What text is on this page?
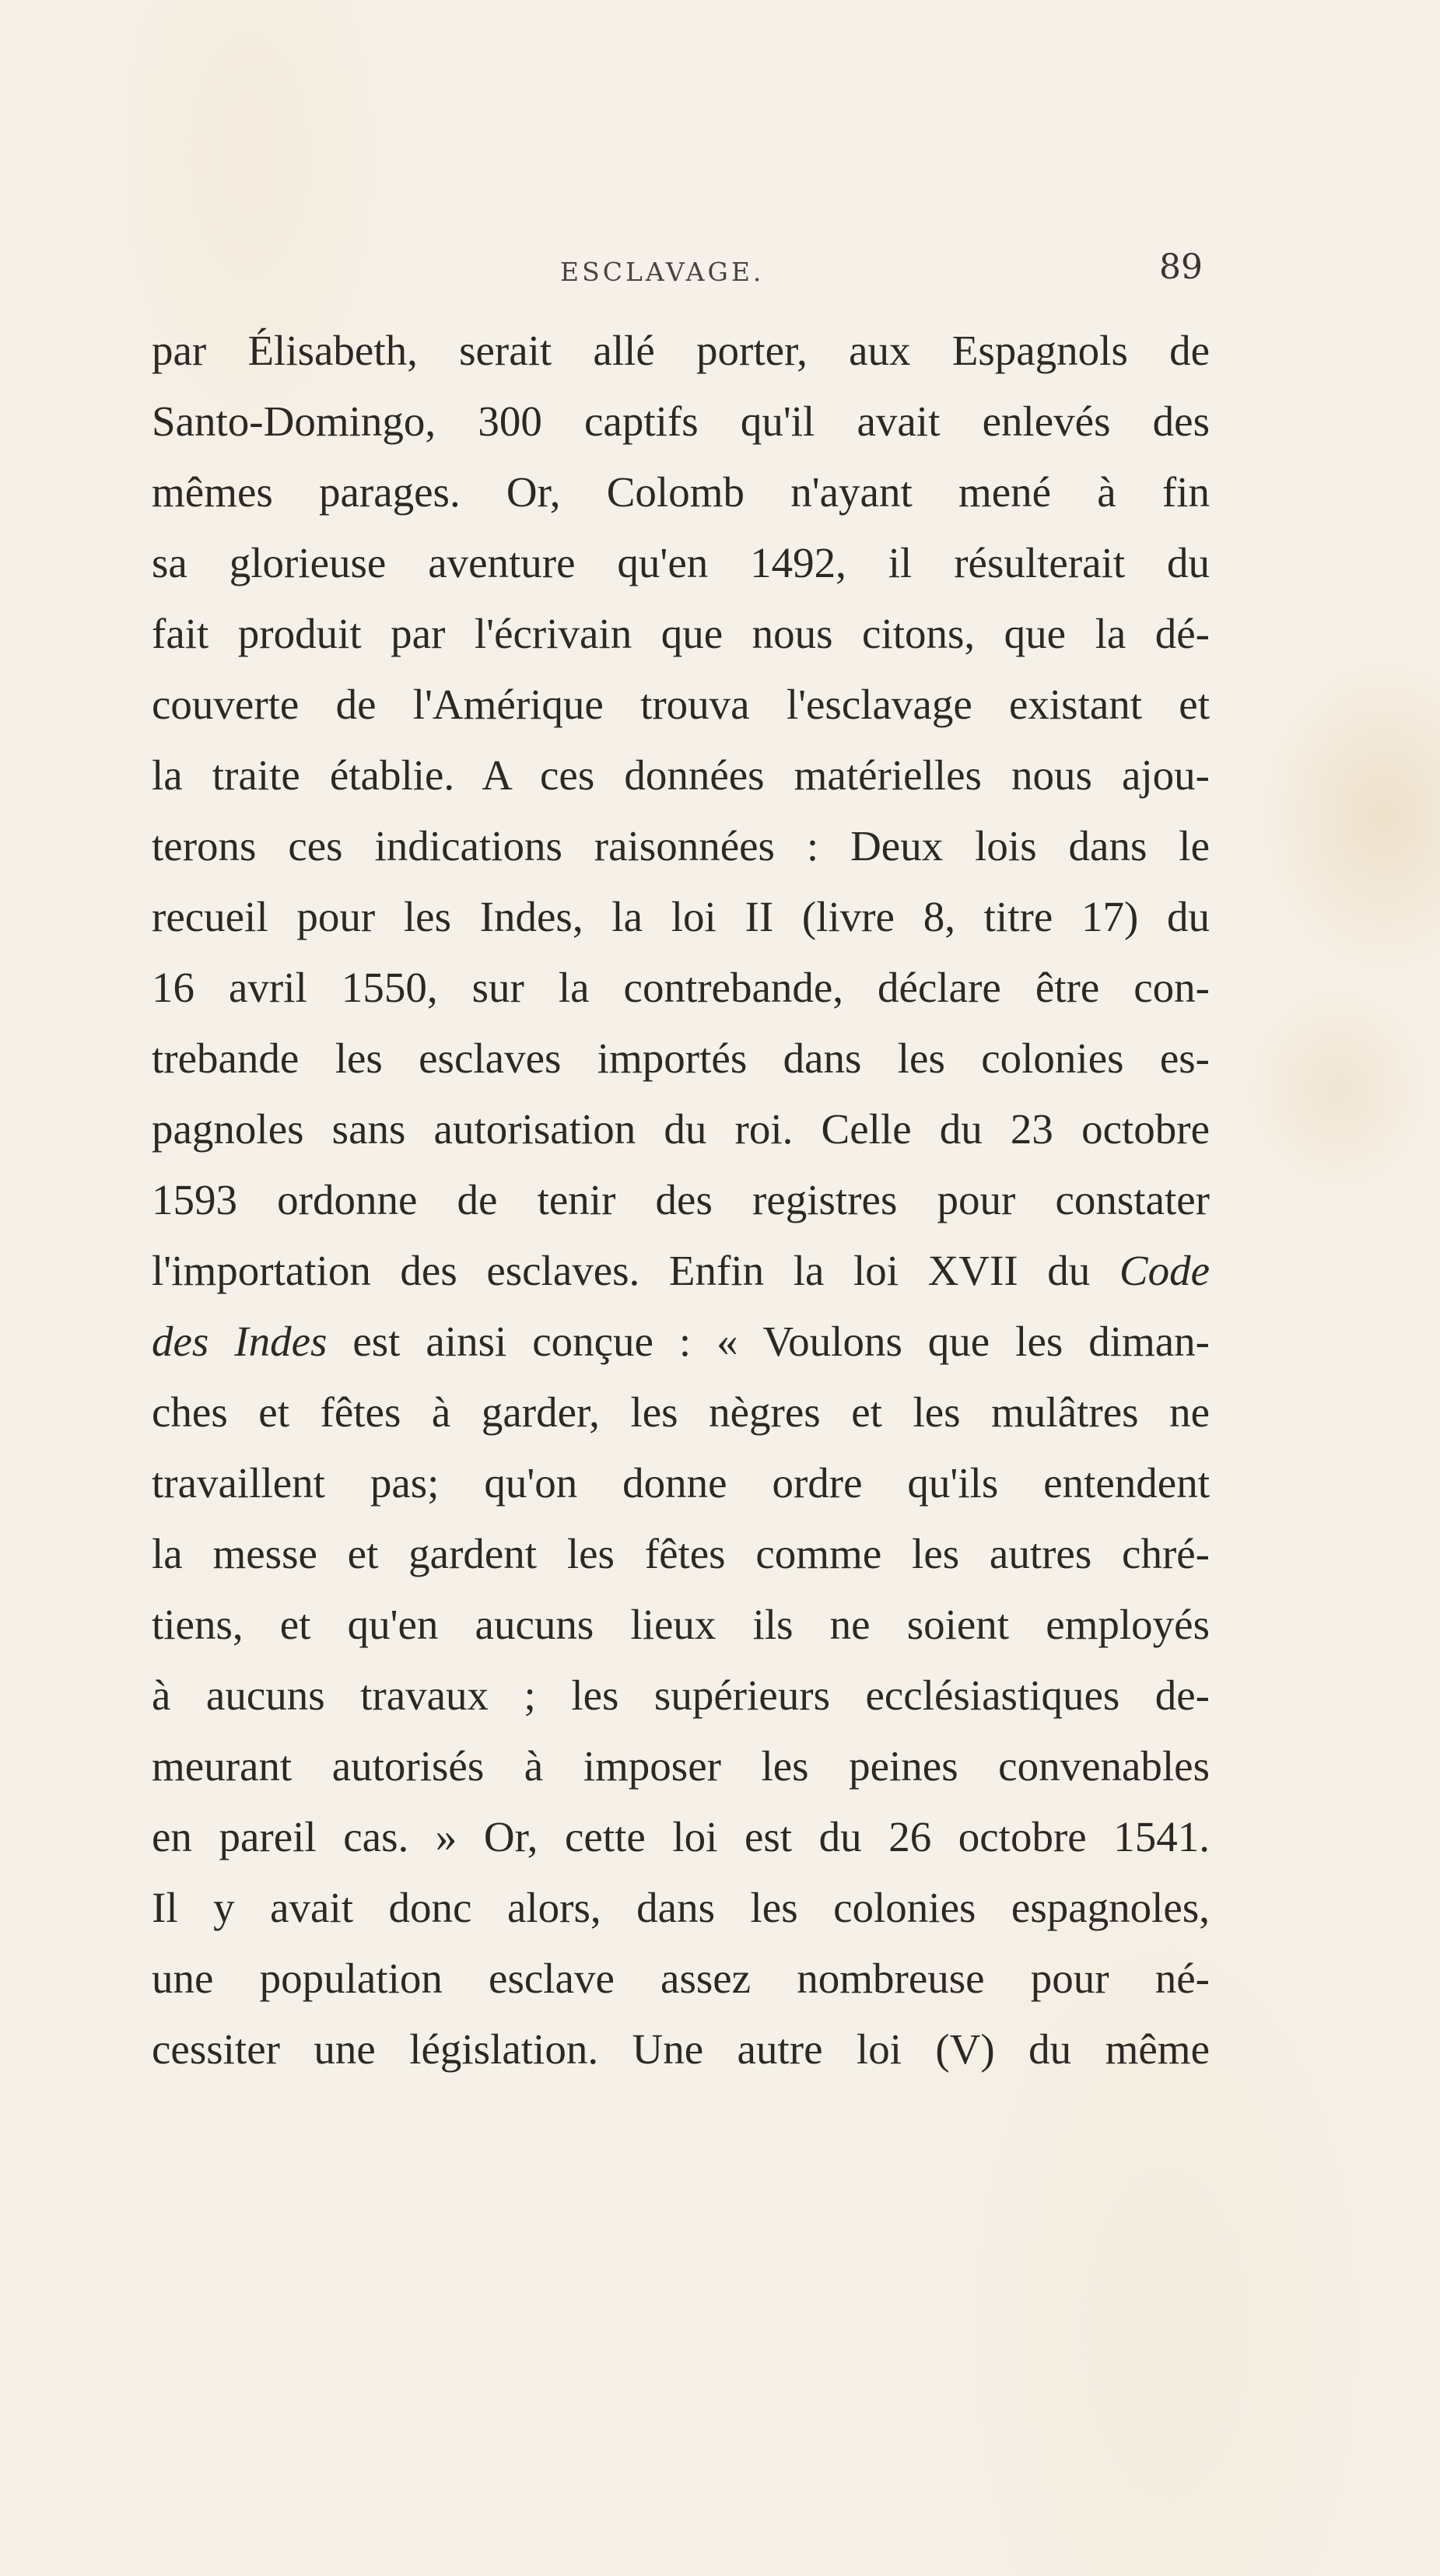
ESCLAVAGE.	89
par Élisabeth, serait allé porter, aux Espagnols de
Santo-Domingo, 300 captifs qu'il avait enlevés des
mêmes parages. Or, Colomb n'ayant mené à fin
sa glorieuse aventure qu'en 1492, il résulterait du
fait produit par l'écrivain que nous citons, que la dé-
couverte de l'Amérique trouva l'esclavage existant et
la traite établie. A ces données matérielles nous ajou-
terons ces indications raisonnées : Deux lois dans le
recueil pour les Indes, la loi II (livre 8, titre 17) du
16 avril 1550, sur la contrebande, déclare être con-
trebande les esclaves importés dans les colonies es-
pagnoles sans autorisation du roi. Celle du 23 octobre
1593 ordonne de tenir des registres pour constater
l'importation des esclaves. Enfin la loi XVII du Code
des Indes est ainsi conçue : « Voulons que les diman-
ches et fêtes à garder, les nègres et les mulâtres ne
travaillent pas; qu'on donne ordre qu'ils entendent
la messe et gardent les fêtes comme les autres chré-
tiens, et qu'en aucuns lieux ils ne soient employés
à aucuns travaux ; les supérieurs ecclésiastiques de-
meurant autorisés à imposer les peines convenables
en pareil cas. » Or, cette loi est du 26 octobre 1541.
Il y avait donc alors, dans les colonies espagnoles,
une population esclave assez nombreuse pour né-
cessiter une législation. Une autre loi (V) du même
